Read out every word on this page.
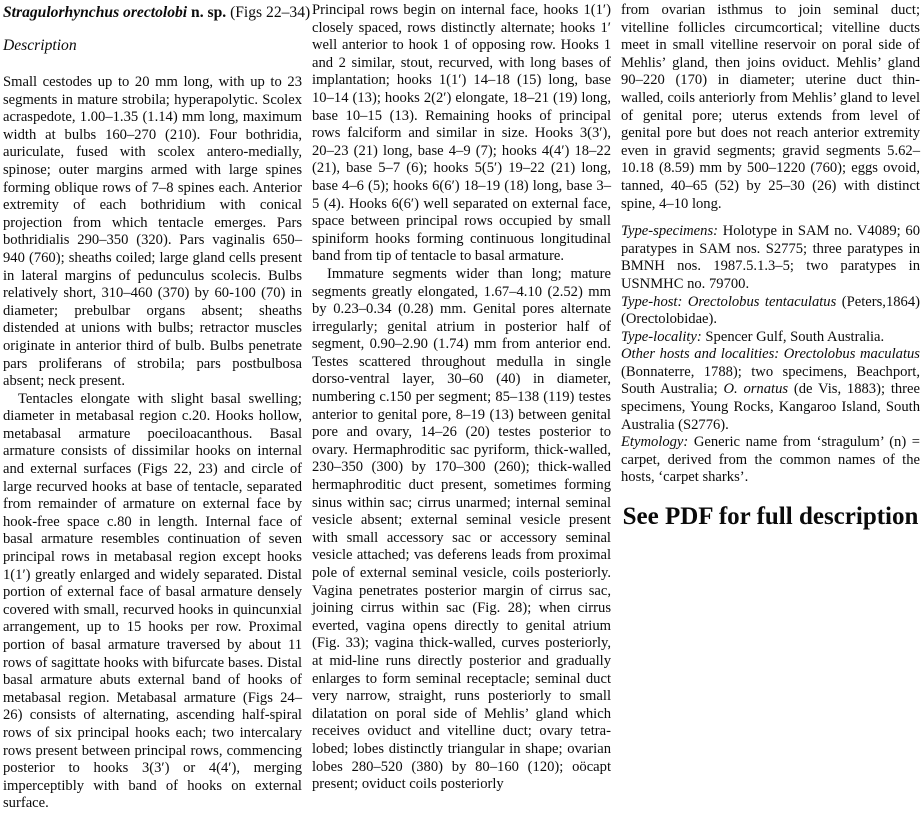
Stragulorhynchus orectolobi n. sp. (Figs 22–34)

Description

Small cestodes up to 20 mm long, with up to 23 segments in mature strobila; hyperapolytic. Scolex acraspedote, 1.00–1.35 (1.14) mm long, maximum width at bulbs 160–270 (210). Four bothridia, auriculate, fused with scolex antero-medially, spinose; outer margins armed with large spines forming oblique rows of 7–8 spines each. Anterior extremity of each bothridium with conical projection from which tentacle emerges. Pars bothridialis 290–350 (320). Pars vaginalis 650–940 (760); sheaths coiled; large gland cells present in lateral margins of pedunculus scolecis. Bulbs relatively short, 310–460 (370) by 60-100 (70) in diameter; prebulbar organs absent; sheaths distended at unions with bulbs; retractor muscles originate in anterior third of bulb. Bulbs penetrate pars proliferans of strobila; pars postbulbosa absent; neck present.

Tentacles elongate with slight basal swelling; diameter in metabasal region c.20. Hooks hollow, metabasal armature poeciloacanthous. Basal armature consists of dissimilar hooks on internal and external surfaces (Figs 22, 23) and circle of large recurved hooks at base of tentacle, separated from remainder of armature on external face by hook-free space c.80 in length. Internal face of basal armature resembles continuation of seven principal rows in metabasal region except hooks 1(1′) greatly enlarged and widely separated. Distal portion of external face of basal armature densely covered with small, recurved hooks in quincunxial arrangement, up to 15 hooks per row. Proximal portion of basal armature traversed by about 11 rows of sagittate hooks with bifurcate bases. Distal basal armature abuts external band of hooks of metabasal region. Metabasal armature (Figs 24–26) consists of alternating, ascending half-spiral rows of six principal hooks each; two intercalary rows present between principal rows, commencing posterior to hooks 3(3′) or 4(4′), merging imperceptibly with band of hooks on external surface.

Principal rows begin on internal face, hooks 1(1′) closely spaced, rows distinctly alternate; hooks 1′ well anterior to hook 1 of opposing row. Hooks 1 and 2 similar, stout, recurved, with long bases of implantation; hooks 1(1′) 14–18 (15) long, base 10–14 (13); hooks 2(2′) elongate, 18–21 (19) long, base 10–15 (13). Remaining hooks of principal rows falciform and similar in size. Hooks 3(3′), 20–23 (21) long, base 4–9 (7); hooks 4(4′) 18–22 (21), base 5–7 (6); hooks 5(5′) 19–22 (21) long, base 4–6 (5); hooks 6(6′) 18–19 (18) long, base 3–5 (4). Hooks 6(6′) well separated on external face, space between principal rows occupied by small spiniform hooks forming continuous longitudinal band from tip of tentacle to basal armature.

Immature segments wider than long; mature segments greatly elongated, 1.67–4.10 (2.52) mm by 0.23–0.34 (0.28) mm. Genital pores alternate irregularly; genital atrium in posterior half of segment, 0.90–2.90 (1.74) mm from anterior end. Testes scattered throughout medulla in single dorso-ventral layer, 30–60 (40) in diameter, numbering c.150 per segment; 85–138 (119) testes anterior to genital pore, 8–19 (13) between genital pore and ovary, 14–26 (20) testes posterior to ovary. Hermaphroditic sac pyriform, thick-walled, 230–350 (300) by 170–300 (260); thick-walled hermaphroditic duct present, sometimes forming sinus within sac; cirrus unarmed; internal seminal vesicle absent; external seminal vesicle present with small accessory sac or accessory seminal vesicle attached; vas deferens leads from proximal pole of external seminal vesicle, coils posteriorly. Vagina penetrates posterior margin of cirrus sac, joining cirrus within sac (Fig. 28); when cirrus everted, vagina opens directly to genital atrium (Fig. 33); vagina thick-walled, curves posteriorly, at mid-line runs directly posterior and gradually enlarges to form seminal receptacle; seminal duct very narrow, straight, runs posteriorly to small dilatation on poral side of Mehlis’ gland which receives oviduct and vitelline duct; ovary tetra-lobed; lobes distinctly triangular in shape; ovarian lobes 280–520 (380) by 80–160 (120); oöcapt present; oviduct coils posteriorly

from ovarian isthmus to join seminal duct; vitelline follicles circumcortical; vitelline ducts meet in small vitelline reservoir on poral side of Mehlis’ gland, then joins oviduct. Mehlis’ gland 90–220 (170) in diameter; uterine duct thin-walled, coils anteriorly from Mehlis’ gland to level of genital pore; uterus extends from level of genital pore but does not reach anterior extremity even in gravid segments; gravid segments 5.62–10.18 (8.59) mm by 500–1220 (760); eggs ovoid, tanned, 40–65 (52) by 25–30 (26) with distinct spine, 4–10 long.

Type-specimens: Holotype in SAM no. V4089; 60 paratypes in SAM nos. S2775; three paratypes in BMNH nos. 1987.5.1.3–5; two paratypes in USNMHC no. 79700.

Type-host: Orectolobus tentaculatus (Peters,1864) (Orectolobidae).

Type-locality: Spencer Gulf, South Australia.

Other hosts and localities: Orectolobus maculatus (Bonnaterre, 1788); two specimens, Beachport, South Australia; O. ornatus (de Vis, 1883); three specimens, Young Rocks, Kangaroo Island, South Australia (S2776).

Etymology: Generic name from ‘stragulum’ (n) = carpet, derived from the common names of the hosts, ‘carpet sharks’.

See PDF for full description
